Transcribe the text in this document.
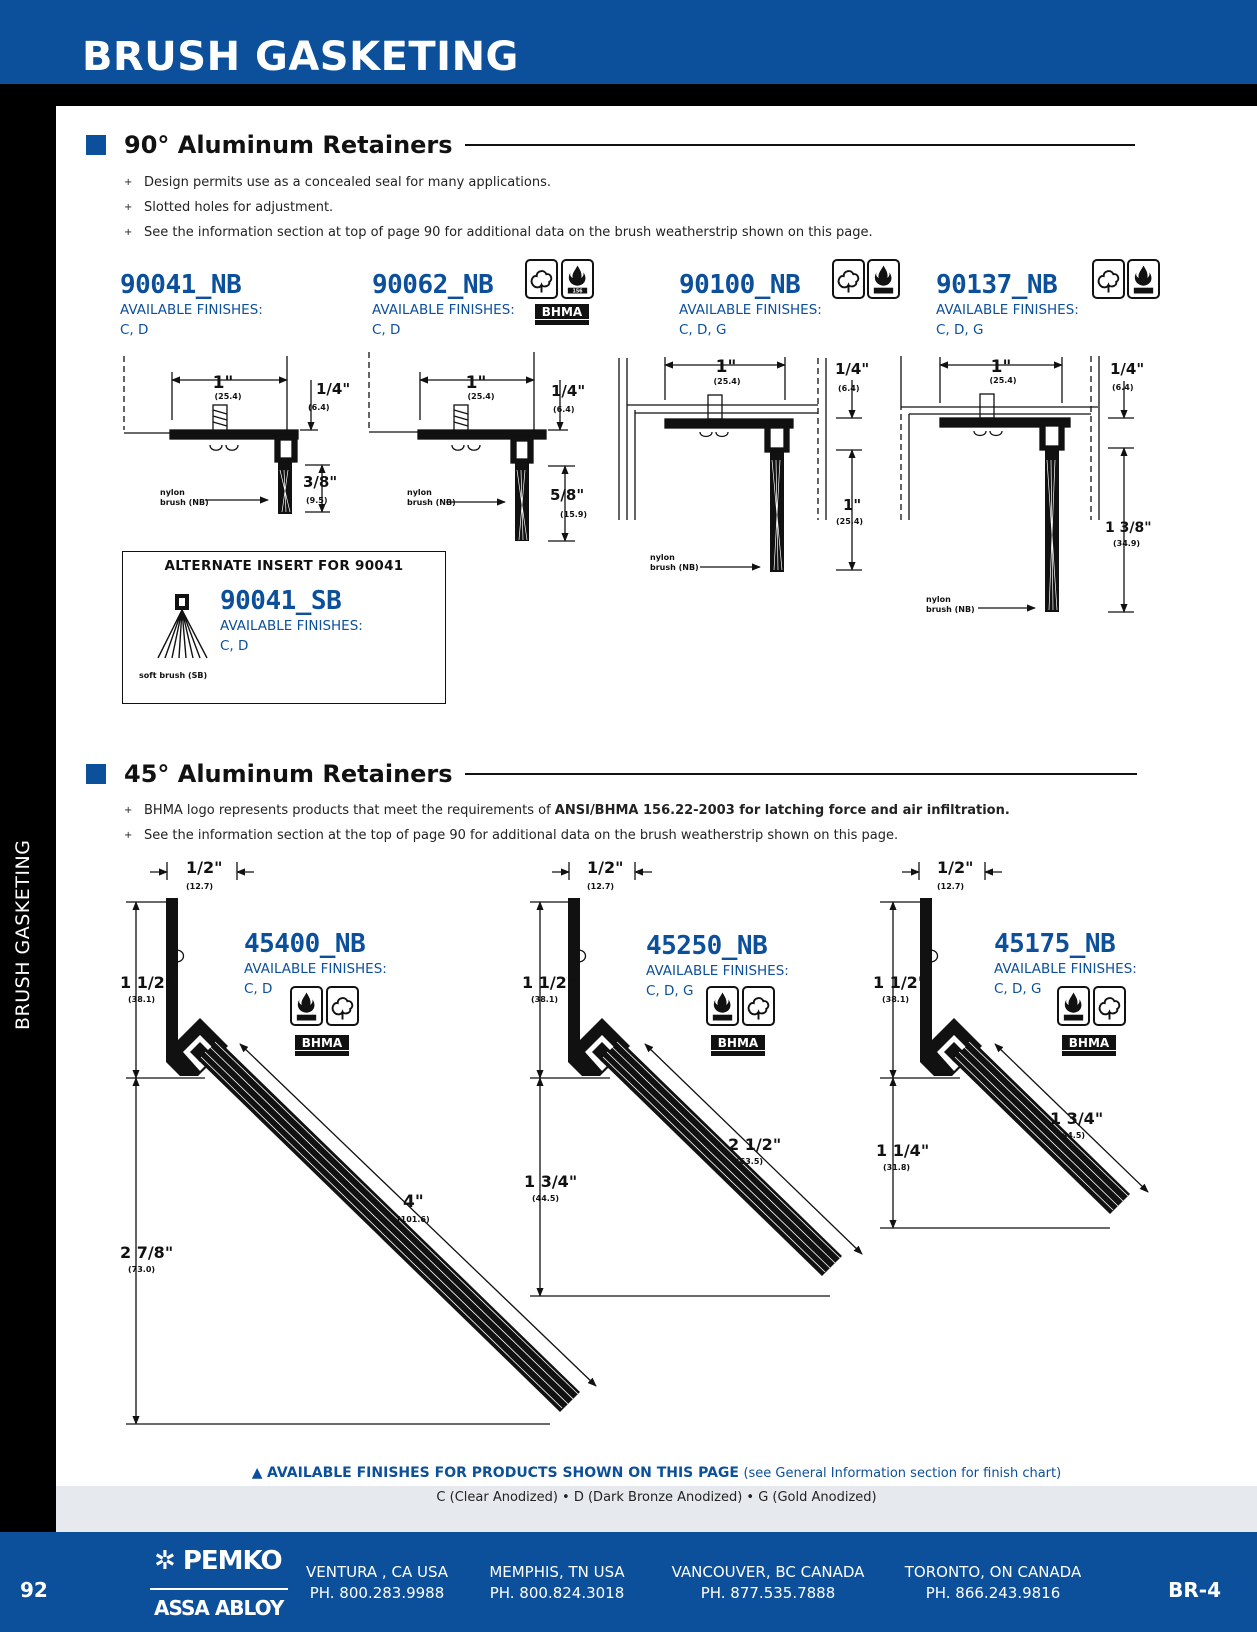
BRUSH GASKETING
BRUSH GASKETING
90° Aluminum Retainers
+ Design permits use as a concealed seal for many applications.
+ Slotted holes for adjustment.
+ See the information section at top of page 90 for additional data on the brush weatherstrip shown on this page.
90041_NB
AVAILABLE FINISHES:
C, D
90062_NB
AVAILABLE FINISHES:
C, D
90100_NB
AVAILABLE FINISHES:
C, D, G
90137_NB
AVAILABLE FINISHES:
C, D, G
156
BHMA
1"
(25.4)	1/4"
(6.4)
3/8"
(9.5)
nylon
brush (NB)
1"
(25.4)	1/4"
(6.4)
5/8"
(15.9)
nylon
brush (NB)
1"
(25.4)
1/4"
(6.4)
1"
(25.4)
nylon
brush (NB)
1"
(25.4)
1/4"
(6.4)
1 3/8"
(34.9)
nylon
brush (NB)
1/2"
(12.7)
1 1/2"
(38.1)
2 7/8"
(73.0)
4"
(101.6)
1/2"
(12.7)
1 1/2"
(38.1)
1 3/4"
(44.5)
2 1/2"
(63.5)
1/2"
(12.7)
1 1/2"
(38.1)
1 1/4"
(31.8)
1 3/4"
(44.5)
ALTERNATE INSERT FOR 90041
soft brush (SB)
90041_SB
AVAILABLE FINISHES:
C, D
45° Aluminum Retainers
+ BHMA logo represents products that meet the requirements of ANSI/BHMA 156.22-2003 for latching force and air infiltration.
+ See the information section at the top of page 90 for additional data on the brush weatherstrip shown on this page.
45400_NB
AVAILABLE FINISHES:
C, D
45250_NB
AVAILABLE FINISHES:
C, D, G
45175_NB
AVAILABLE FINISHES:
C, D, G
BHMA	BHMA	BHMA
▲ AVAILABLE FINISHES FOR PRODUCTS SHOWN ON THIS PAGE (see General Information section for finish chart)
C (Clear Anodized) • D (Dark Bronze Anodized) • G (Gold Anodized)
92
✲ PEMKO
ASSA ABLOY
VENTURA , CA USA
PH. 800.283.9988
MEMPHIS, TN USA
PH. 800.824.3018
VANCOUVER, BC CANADA
PH. 877.535.7888
TORONTO, ON CANADA
PH. 866.243.9816	BR-4
